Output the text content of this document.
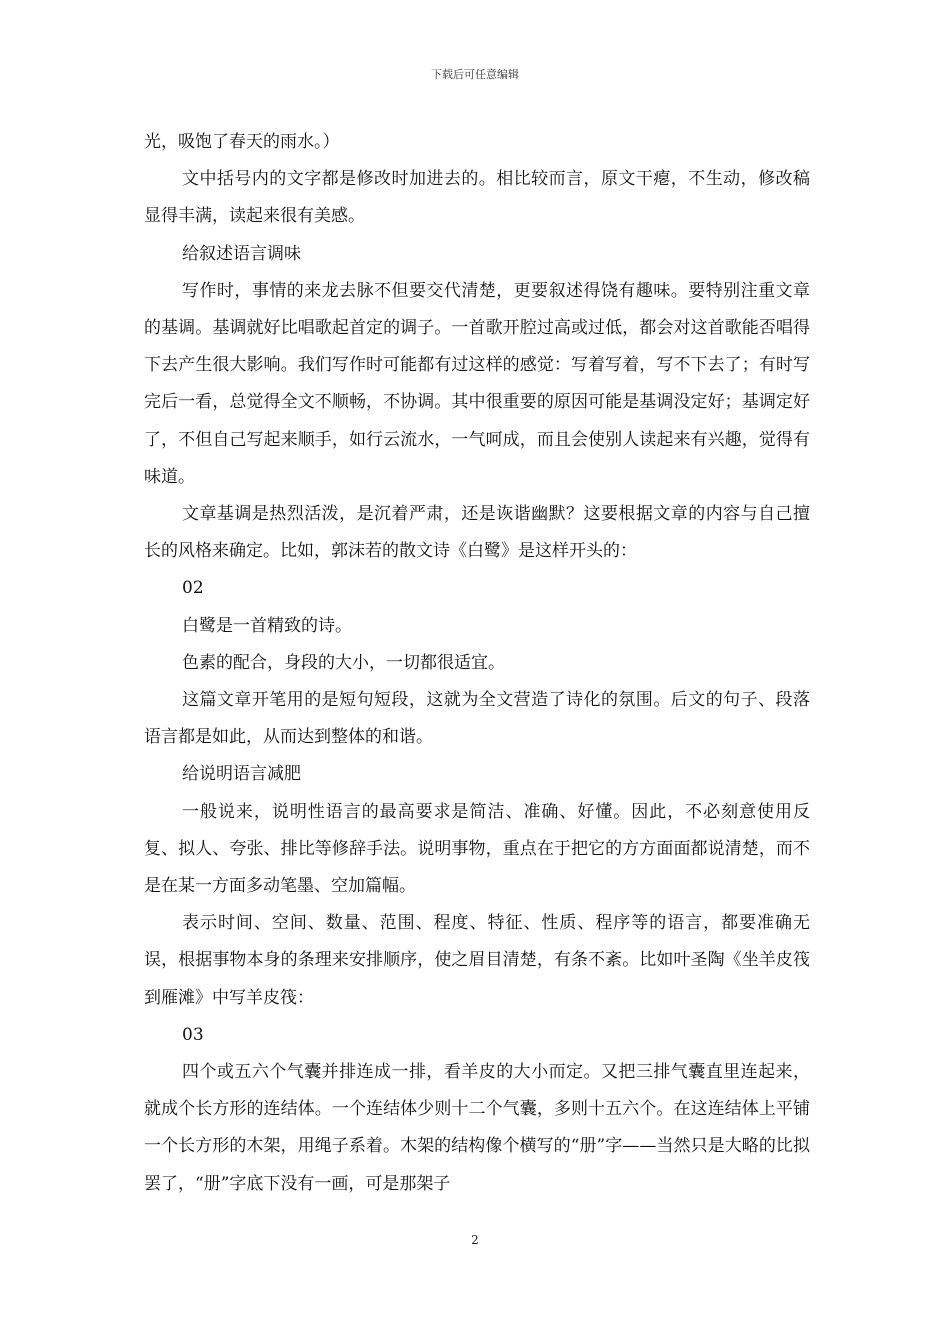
下载后可任意编辑

光，吸饱了春天的雨水。）

文中括号内的文字都是修改时加进去的。相比较而言，原文干瘪，不生动，修改稿显得丰满，读起来很有美感。

给叙述语言调味

写作时，事情的来龙去脉不但要交代清楚，更要叙述得饶有趣味。要特别注重文章的基调。基调就好比唱歌起首定的调子。一首歌开腔过高或过低，都会对这首歌能否唱得下去产生很大影响。我们写作时可能都有过这样的感觉：写着写着，写不下去了；有时写完后一看，总觉得全文不顺畅，不协调。其中很重要的原因可能是基调没定好；基调定好了，不但自己写起来顺手，如行云流水，一气呵成，而且会使别人读起来有兴趣，觉得有味道。

文章基调是热烈活泼，是沉着严肃，还是诙谐幽默？这要根据文章的内容与自己擅长的风格来确定。比如，郭沫若的散文诗《白鹭》是这样开头的：

02

白鹭是一首精致的诗。

色素的配合，身段的大小，一切都很适宜。

这篇文章开笔用的是短句短段，这就为全文营造了诗化的氛围。后文的句子、段落语言都是如此，从而达到整体的和谐。

给说明语言减肥

一般说来，说明性语言的最高要求是简洁、准确、好懂。因此，不必刻意使用反复、拟人、夸张、排比等修辞手法。说明事物，重点在于把它的方方面面都说清楚，而不是在某一方面多动笔墨、空加篇幅。

表示时间、空间、数量、范围、程度、特征、性质、程序等的语言，都要准确无误，根据事物本身的条理来安排顺序，使之眉目清楚，有条不紊。比如叶圣陶《坐羊皮筏到雁滩》中写羊皮筏：

03

四个或五六个气囊并排连成一排，看羊皮的大小而定。又把三排气囊直里连起来，就成个长方形的连结体。一个连结体少则十二个气囊，多则十五六个。在这连结体上平铺一个长方形的木架，用绳子系着。木架的结构像个横写的“册”字——当然只是大略的比拟罢了，“册”字底下没有一画，可是那架子

2
